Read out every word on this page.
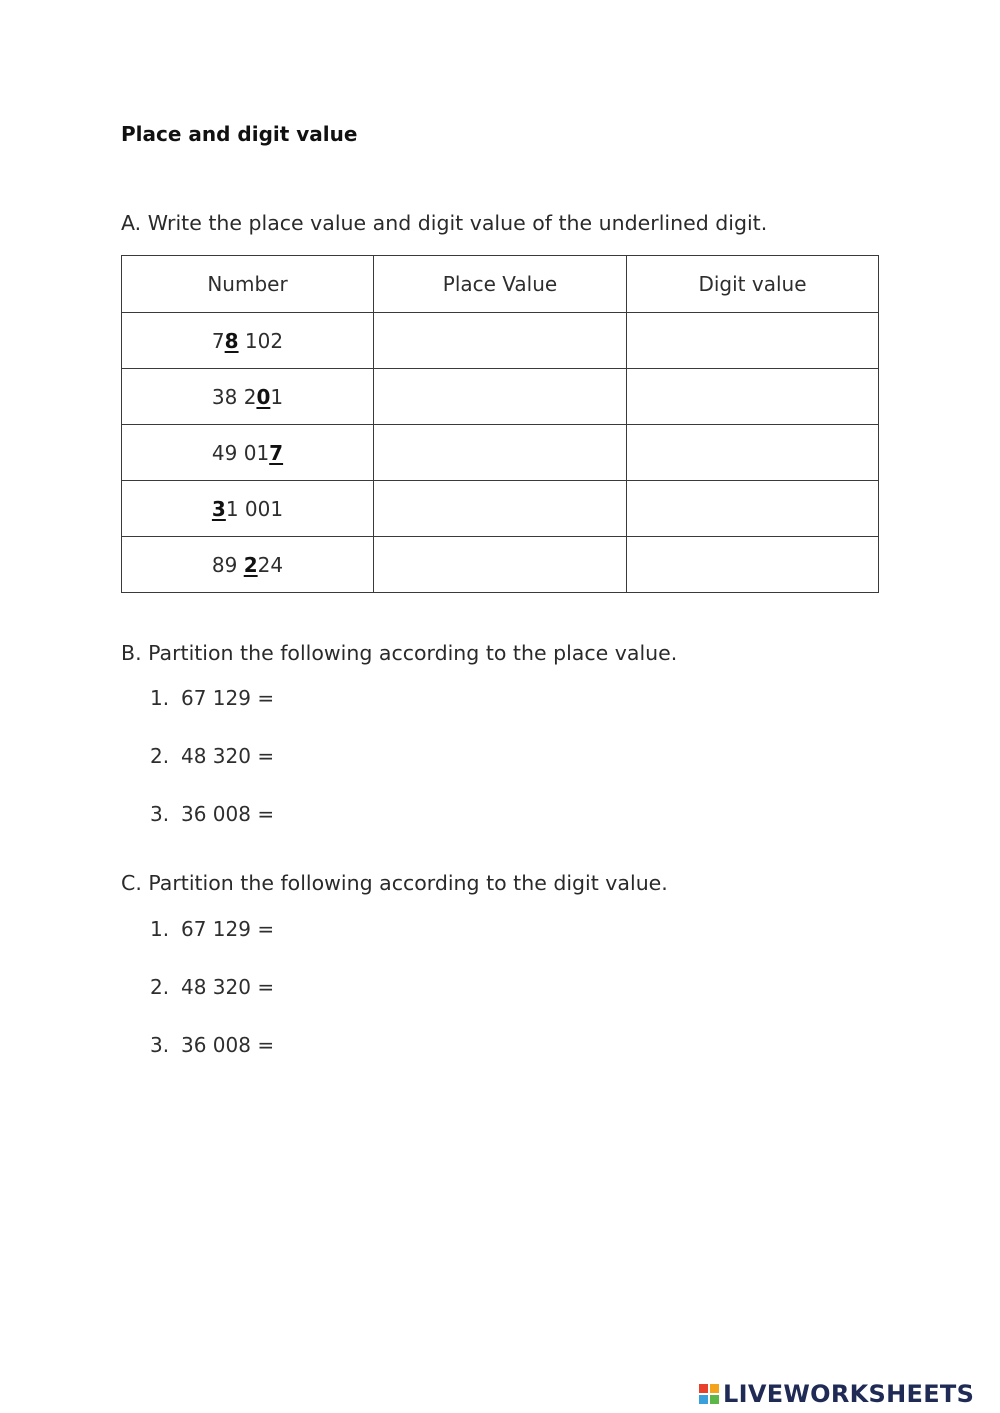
Place and digit value
A. Write the place value and digit value of the underlined digit.
Number	Place Value	Digit value
78 102		
38 201		
49 017		
31 001		
89 224		
B. Partition the following according to the place value.
1. 67 129 =
2. 48 320 =
3. 36 008 =
C. Partition the following according to the digit value.
1. 67 129 =
2. 48 320 =
3. 36 008 =
LIVEWORKSHEETS
